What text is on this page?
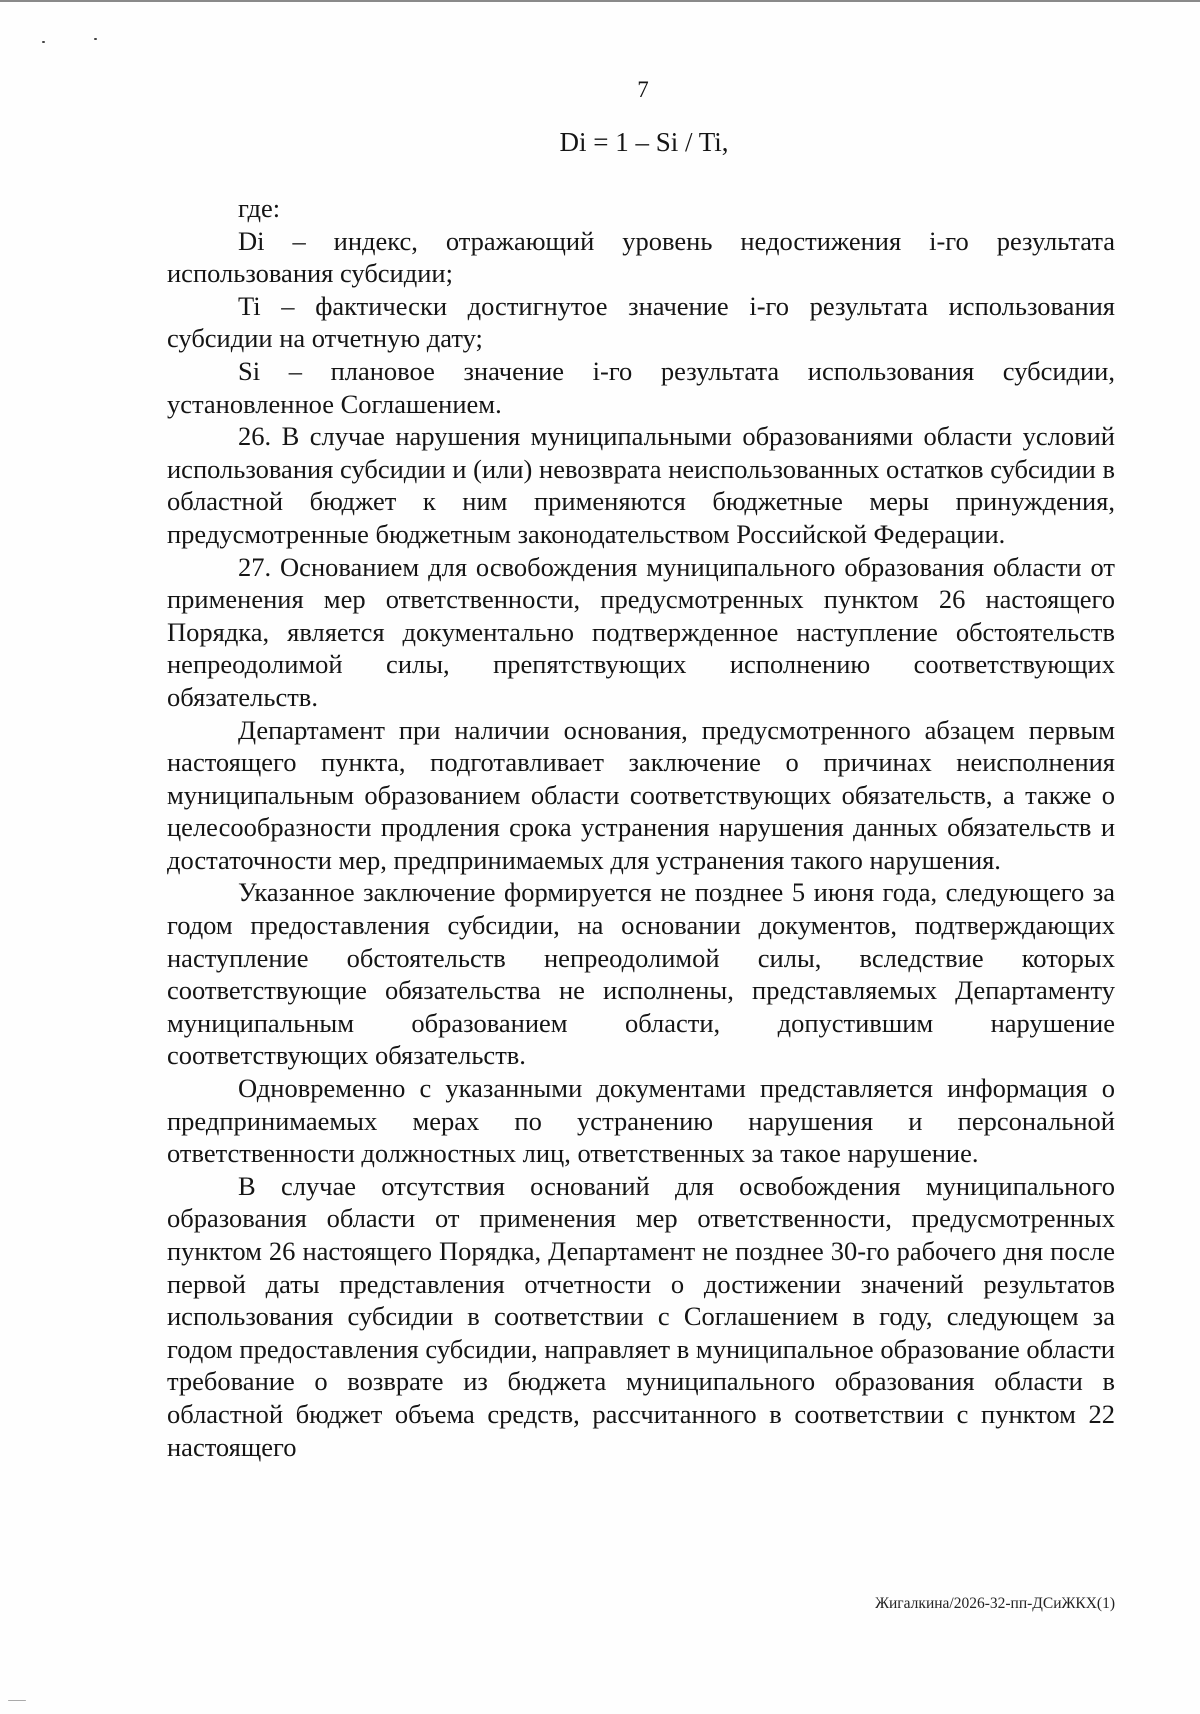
7
Di = 1 – Si / Ti,

где:

Di – индекс, отражающий уровень недостижения i-го результата использования субсидии;

Ti – фактически достигнутое значение i-го результата использования субсидии на отчетную дату;

Si – плановое значение i-го результата использования субсидии, установленное Соглашением.

26. В случае нарушения муниципальными образованиями области условий использования субсидии и (или) невозврата неиспользованных остатков субсидии в областной бюджет к ним применяются бюджетные меры принуждения, предусмотренные бюджетным законодательством Российской Федерации.

27. Основанием для освобождения муниципального образования области от применения мер ответственности, предусмотренных пунктом 26 настоящего Порядка, является документально подтвержденное наступление обстоятельств непреодолимой силы, препятствующих исполнению соответствующих обязательств.

Департамент при наличии основания, предусмотренного абзацем первым настоящего пункта, подготавливает заключение о причинах неисполнения муниципальным образованием области соответствующих обязательств, а также о целесообразности продления срока устранения нарушения данных обязательств и достаточности мер, предпринимаемых для устранения такого нарушения.

Указанное заключение формируется не позднее 5 июня года, следующего за годом предоставления субсидии, на основании документов, подтверждающих наступление обстоятельств непреодолимой силы, вследствие которых соответствующие обязательства не исполнены, представляемых Департаменту муниципальным образованием области, допустившим нарушение соответствующих обязательств.

Одновременно с указанными документами представляется информация о предпринимаемых мерах по устранению нарушения и персональной ответственности должностных лиц, ответственных за такое нарушение.

В случае отсутствия оснований для освобождения муниципального образования области от применения мер ответственности, предусмотренных пунктом 26 настоящего Порядка, Департамент не позднее 30-го рабочего дня после первой даты представления отчетности о достижении значений результатов использования субсидии в соответствии с Соглашением в году, следующем за годом предоставления субсидии, направляет в муниципальное образование области требование о возврате из бюджета муниципального образования области в областной бюджет объема средств, рассчитанного в соответствии с пунктом 22 настоящего

Жигалкина/2026-32-пп-ДСиЖКХ(1)
